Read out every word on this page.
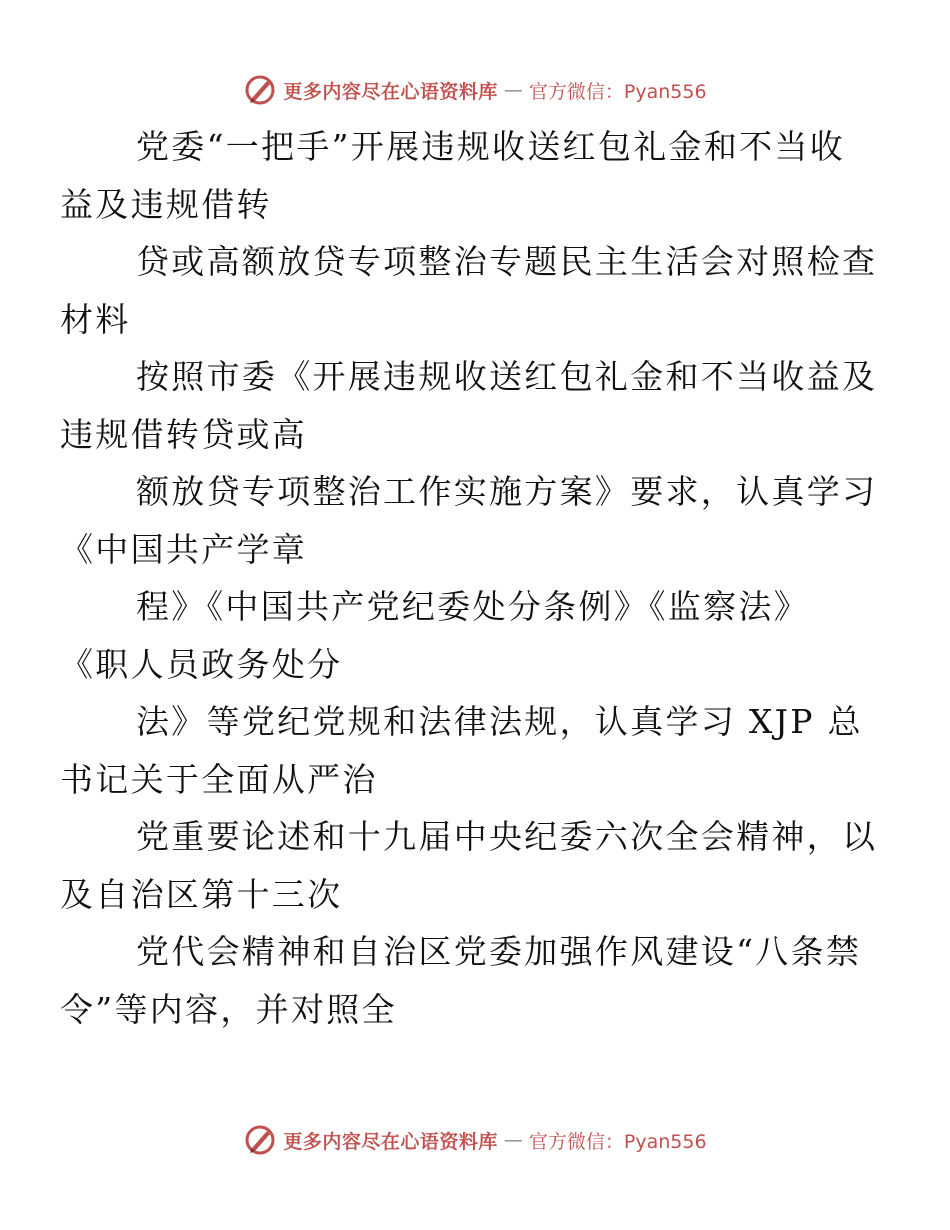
更多内容尽在心语资料库 — 官方微信：Pyan556

党委“一把手”开展违规收送红包礼金和不当收
益及违规借转

贷或高额放贷专项整治专题民主生活会对照检查
材料

按照市委《开展违规收送红包礼金和不当收益及
违规借转贷或高

额放贷专项整治工作实施方案》要求，认真学习
《中国共产学章

程》《中国共产党纪委处分条例》《监察法》
《职人员政务处分

法》等党纪党规和法律法规，认真学习 XJP 总
书记关于全面从严治

党重要论述和十九届中央纪委六次全会精神，以
及自治区第十三次

党代会精神和自治区党委加强作风建设“八条禁
令”等内容，并对照全

更多内容尽在心语资料库 — 官方微信：Pyan556
